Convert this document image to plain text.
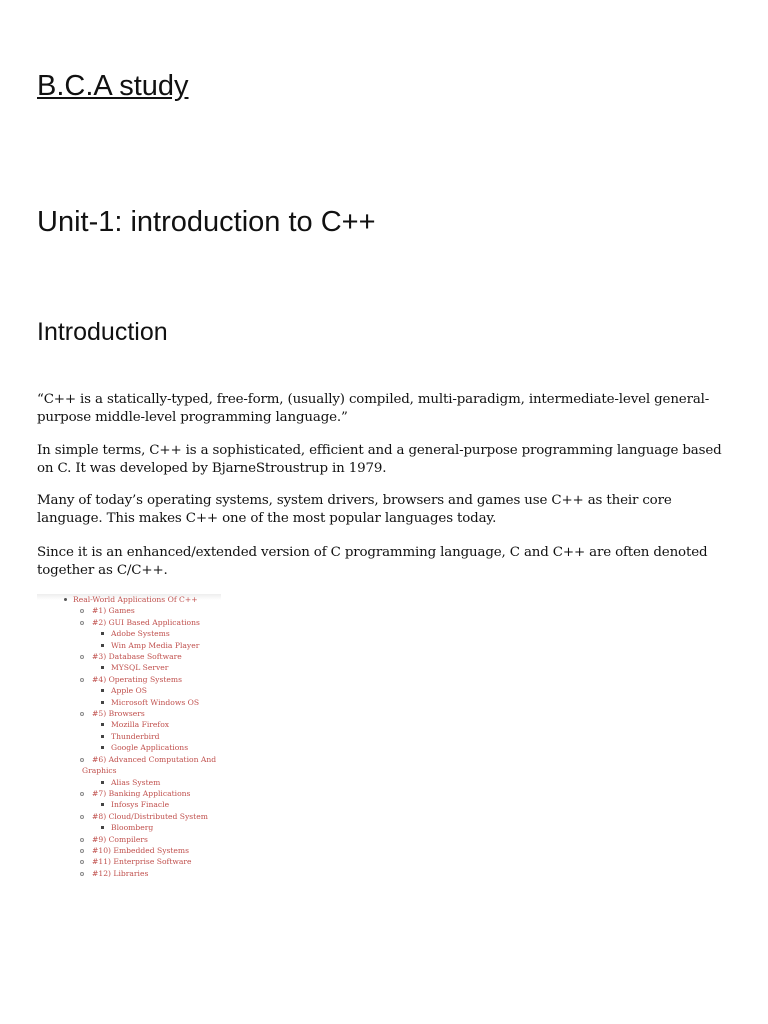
B.C.A study
Unit-1: introduction to C++
Introduction

“C++ is a statically-typed, free-form, (usually) compiled, multi-paradigm, intermediate-level general-purpose middle-level programming language.”

In simple terms, C++ is a sophisticated, efficient and a general-purpose programming language based on C. It was developed by BjarneStroustrup in 1979.

Many of today’s operating systems, system drivers, browsers and games use C++ as their core language. This makes C++ one of the most popular languages today.

Since it is an enhanced/extended version of C programming language, C and C++ are often denoted together as C/C++.

Real-World Applications Of C++
#1) Games
#2) GUI Based Applications
Adobe Systems
Win Amp Media Player
#3) Database Software
MYSQL Server
#4) Operating Systems
Apple OS
Microsoft Windows OS
#5) Browsers
Mozilla Firefox
Thunderbird
Google Applications
#6) Advanced Computation And
Graphics
Alias System
#7) Banking Applications
Infosys Finacle
#8) Cloud/Distributed System
Bloomberg
#9) Compilers
#10) Embedded Systems
#11) Enterprise Software
#12) Libraries
